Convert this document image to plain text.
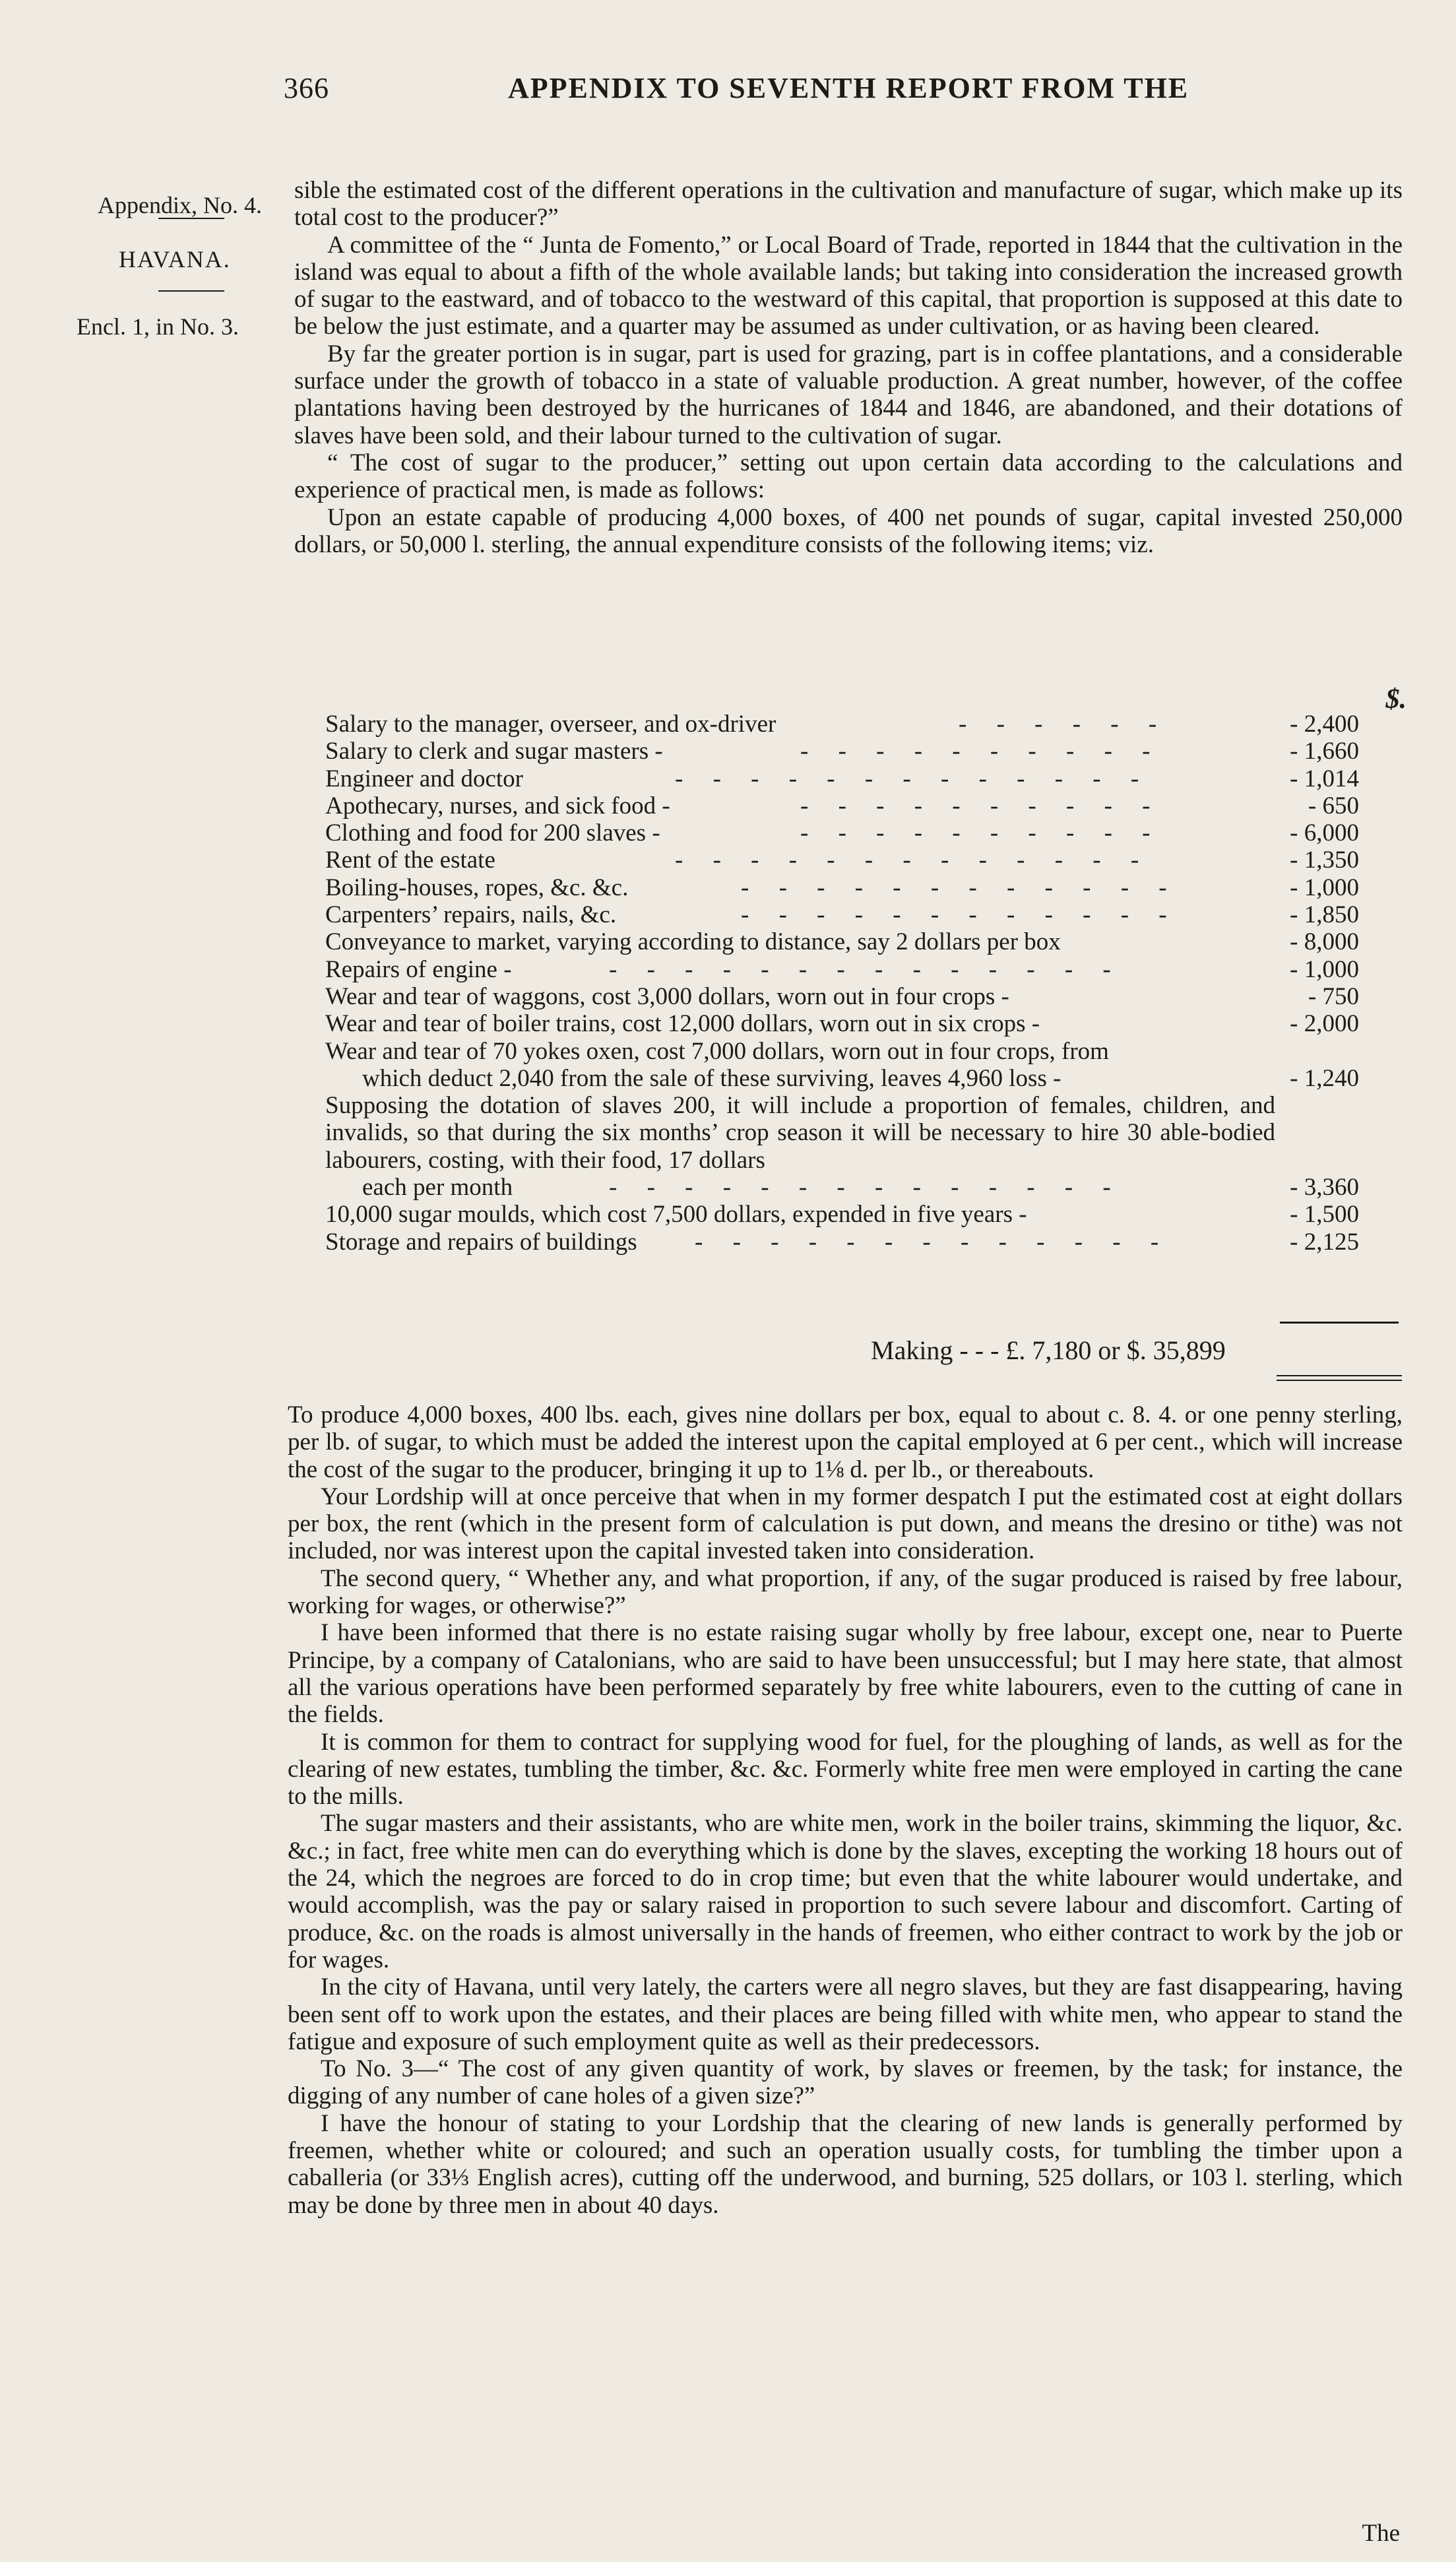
366	APPENDIX TO SEVENTH REPORT FROM THE
Appendix, No. 4.
HAVANA.
Encl. 1, in No. 3.

sible the estimated cost of the different operations in the cultivation and manufacture of sugar, which make up its total cost to the producer?”

A committee of the “ Junta de Fomento,” or Local Board of Trade, reported in 1844 that the cultivation in the island was equal to about a fifth of the whole available lands; but taking into consideration the increased growth of sugar to the eastward, and of tobacco to the westward of this capital, that proportion is supposed at this date to be below the just estimate, and a quarter may be assumed as under cultivation, or as having been cleared.

By far the greater portion is in sugar, part is used for grazing, part is in coffee plantations, and a considerable surface under the growth of tobacco in a state of valuable production. A great number, however, of the coffee plantations having been destroyed by the hurricanes of 1844 and 1846, are abandoned, and their dotations of slaves have been sold, and their labour turned to the cultivation of sugar.

“ The cost of sugar to the producer,” setting out upon certain data according to the calculations and experience of practical men, is made as follows:

Upon an estate capable of producing 4,000 boxes, of 400 net pounds of sugar, capital invested 250,000 dollars, or 50,000 l. sterling, the annual expenditure consists of the following items; viz.

$.
Salary to the manager, overseer, and ox-driver	- - - - - -	- 2,400
Salary to clerk and sugar masters -	- - - - - - - - - -	- 1,660
Engineer and doctor	- - - - - - - - - - - - -	- 1,014
Apothecary, nurses, and sick food -	- - - - - - - - - -	- 650
Clothing and food for 200 slaves -	- - - - - - - - - -	- 6,000
Rent of the estate	- - - - - - - - - - - - -	- 1,350
Boiling-houses, ropes, &c. &c.	- - - - - - - - - - - -	- 1,000
Carpenters’ repairs, nails, &c.	- - - - - - - - - - - -	- 1,850
Conveyance to market, varying according to distance, say 2 dollars per box	- 8,000
Repairs of engine -	- - - - - - - - - - - - - -	- 1,000
Wear and tear of waggons, cost 3,000 dollars, worn out in four crops -	- 750
Wear and tear of boiler trains, cost 12,000 dollars, worn out in six crops -	- 2,000
Wear and tear of 70 yokes oxen, cost 7,000 dollars, worn out in four crops, from
which deduct 2,040 from the sale of these surviving, leaves 4,960 loss -	- 1,240
Supposing the dotation of slaves 200, it will include a proportion of females, children, and invalids, so that during the six months’ crop season it will be necessary to hire 30 able-bodied labourers, costing, with their food, 17 dollars
each per month	- - - - - - - - - - - - - -	- 3,360
10,000 sugar moulds, which cost 7,500 dollars, expended in five years -	- 1,500
Storage and repairs of buildings - - - - - - - - - - - - -	- 2,125
Making - - - £. 7,180 or $. 35,899

To produce 4,000 boxes, 400 lbs. each, gives nine dollars per box, equal to about c. 8. 4. or one penny sterling, per lb. of sugar, to which must be added the interest upon the capital employed at 6 per cent., which will increase the cost of the sugar to the producer, bringing it up to 1⅛ d. per lb., or thereabouts.

Your Lordship will at once perceive that when in my former despatch I put the estimated cost at eight dollars per box, the rent (which in the present form of calculation is put down, and means the dresino or tithe) was not included, nor was interest upon the capital invested taken into consideration.

The second query, “ Whether any, and what proportion, if any, of the sugar produced is raised by free labour, working for wages, or otherwise?”

I have been informed that there is no estate raising sugar wholly by free labour, except one, near to Puerte Principe, by a company of Catalonians, who are said to have been unsuccessful; but I may here state, that almost all the various operations have been performed separately by free white labourers, even to the cutting of cane in the fields.

It is common for them to contract for supplying wood for fuel, for the ploughing of lands, as well as for the clearing of new estates, tumbling the timber, &c. &c. Formerly white free men were employed in carting the cane to the mills.

The sugar masters and their assistants, who are white men, work in the boiler trains, skimming the liquor, &c. &c.; in fact, free white men can do everything which is done by the slaves, excepting the working 18 hours out of the 24, which the negroes are forced to do in crop time; but even that the white labourer would undertake, and would accomplish, was the pay or salary raised in proportion to such severe labour and discomfort. Carting of produce, &c. on the roads is almost universally in the hands of freemen, who either contract to work by the job or for wages.

In the city of Havana, until very lately, the carters were all negro slaves, but they are fast disappearing, having been sent off to work upon the estates, and their places are being filled with white men, who appear to stand the fatigue and exposure of such employment quite as well as their predecessors.

To No. 3—“ The cost of any given quantity of work, by slaves or freemen, by the task; for instance, the digging of any number of cane holes of a given size?”

I have the honour of stating to your Lordship that the clearing of new lands is generally performed by freemen, whether white or coloured; and such an operation usually costs, for tumbling the timber upon a caballeria (or 33⅓ English acres), cutting off the underwood, and burning, 525 dollars, or 103 l. sterling, which may be done by three men in about 40 days.

The
